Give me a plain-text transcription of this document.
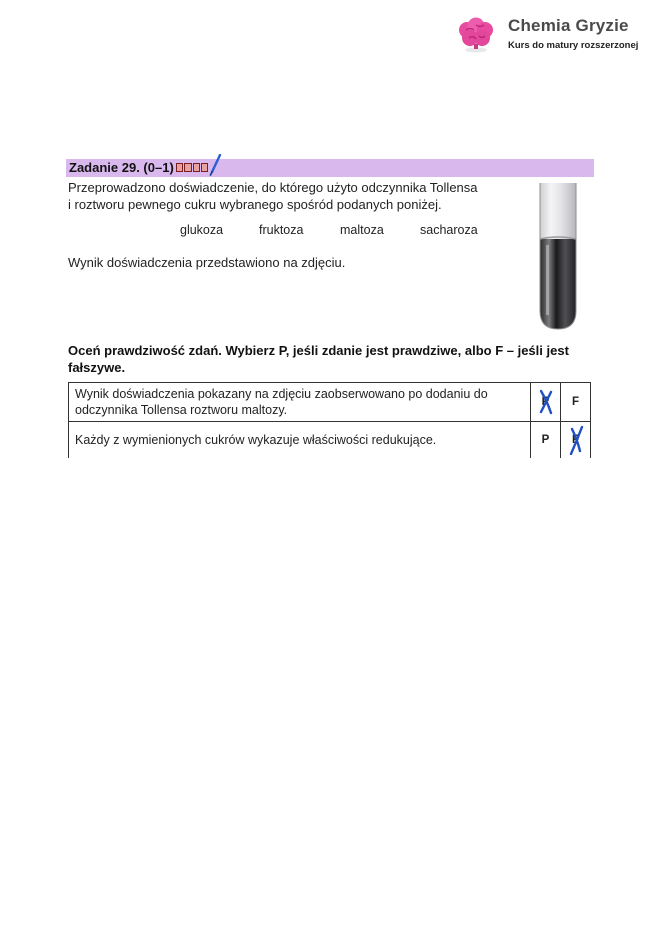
Chemia Gryzie
Kurs do matury rozszerzonej
Zadanie 29. (0–1)

Przeprowadzono doświadczenie, do którego użyto odczynnika Tollensa

i roztworu pewnego cukru wybranego spośród podanych poniżej.

glukoza	fruktoza	maltoza	sacharoza
Wynik doświadczenia przedstawiono na zdjęciu.
Oceń prawdziwość zdań. Wybierz P, jeśli zdanie jest prawdziwe, albo F – jeśli jest fałszywe.
Wynik doświadczenia pokazany na zdjęciu zaobserwowano po dodaniu do
odczynnika Tollensa roztworu maltozy.	P	F

Każdy z wymienionych cukrów wykazuje właściwości redukujące.	P	F
